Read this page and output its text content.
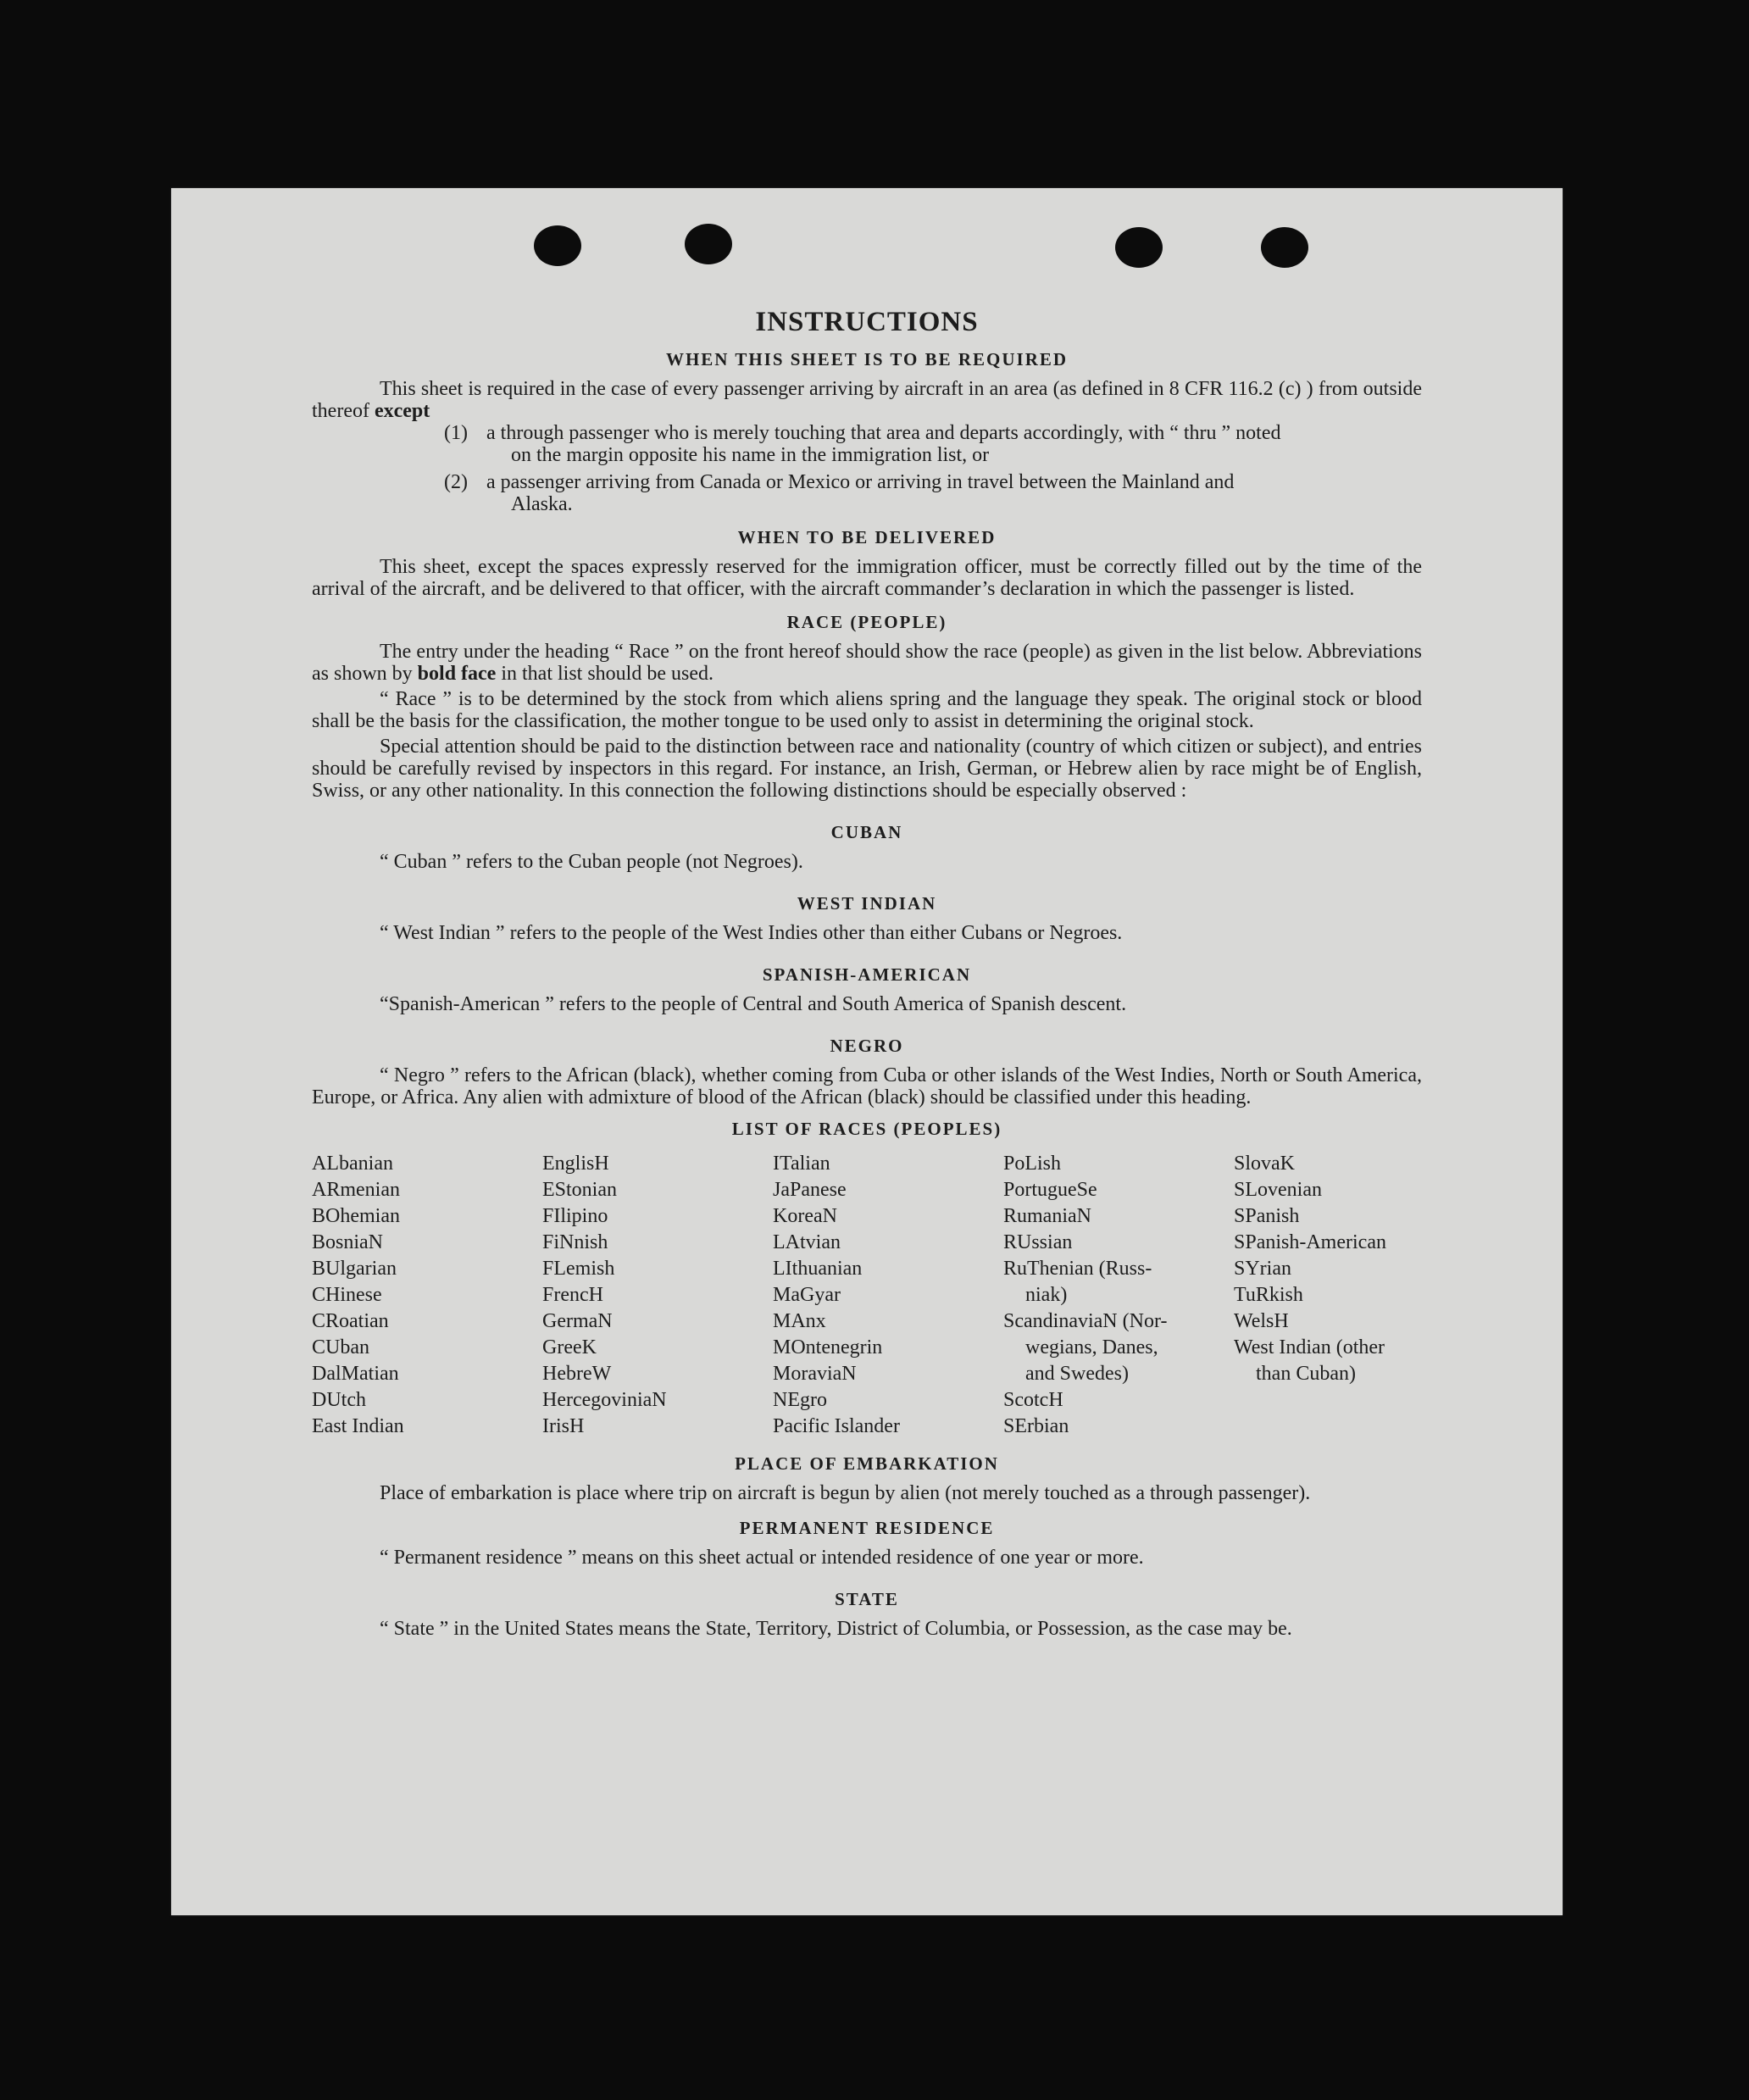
INSTRUCTIONS
WHEN THIS SHEET IS TO BE REQUIRED

This sheet is required in the case of every passenger arriving by aircraft in an area (as defined in 8 CFR 116.2 (c) ) from outside thereof except

(1) a through passenger who is merely touching that area and departs accordingly, with “ thru ” noted
on the margin opposite his name in the immigration list, or
(2) a passenger arriving from Canada or Mexico or arriving in travel between the Mainland and
Alaska.
WHEN TO BE DELIVERED

This sheet, except the spaces expressly reserved for the immigration officer, must be correctly filled out by the time of the arrival of the aircraft, and be delivered to that officer, with the aircraft commander’s declaration in which the passenger is listed.

RACE (PEOPLE)

The entry under the heading “ Race ” on the front hereof should show the race (people) as given in the list below. Abbreviations as shown by bold face in that list should be used.

“ Race ” is to be determined by the stock from which aliens spring and the language they speak. The original stock or blood shall be the basis for the classification, the mother tongue to be used only to assist in determining the original stock.

Special attention should be paid to the distinction between race and nationality (country of which citizen or subject), and entries should be carefully revised by inspectors in this regard. For instance, an Irish, German, or Hebrew alien by race might be of English, Swiss, or any other nationality. In this connection the following distinctions should be especially observed :

CUBAN

“ Cuban ” refers to the Cuban people (not Negroes).

WEST INDIAN

“ West Indian ” refers to the people of the West Indies other than either Cubans or Negroes.

SPANISH-AMERICAN

“Spanish-American ” refers to the people of Central and South America of Spanish descent.

NEGRO

“ Negro ” refers to the African (black), whether coming from Cuba or other islands of the West Indies, North or South America, Europe, or Africa. Any alien with admixture of blood of the African (black) should be classified under this heading.

LIST OF RACES (PEOPLES)
ALbanian
ARmenian
BOhemian
BosniaN
BUlgarian
CHinese
CRoatian
CUban
DalMatian
DUtch
East Indian
EnglisH
EStonian
FIlipino
FiNnish
FLemish
FrencH
GermaN
GreeK
HebreW
HercegoviniaN
IrisH
ITalian
JaPanese
KoreaN
LAtvian
LIthuanian
MaGyar
MAnx
MOntenegrin
MoraviaN
NEgro
Pacific Islander
PoLish
PortugueSe
RumaniaN
RUssian
RuThenian (Russ-
niak)
ScandinaviaN (Nor-
wegians, Danes,
and Swedes)
ScotcH
SErbian
SlovaK
SLovenian
SPanish
SPanish-American
SYrian
TuRkish
WelsH
West Indian (other
than Cuban)
PLACE OF EMBARKATION

Place of embarkation is place where trip on aircraft is begun by alien (not merely touched as a through passenger).

PERMANENT RESIDENCE

“ Permanent residence ” means on this sheet actual or intended residence of one year or more.

STATE

“ State ” in the United States means the State, Territory, District of Columbia, or Possession, as the case may be.
